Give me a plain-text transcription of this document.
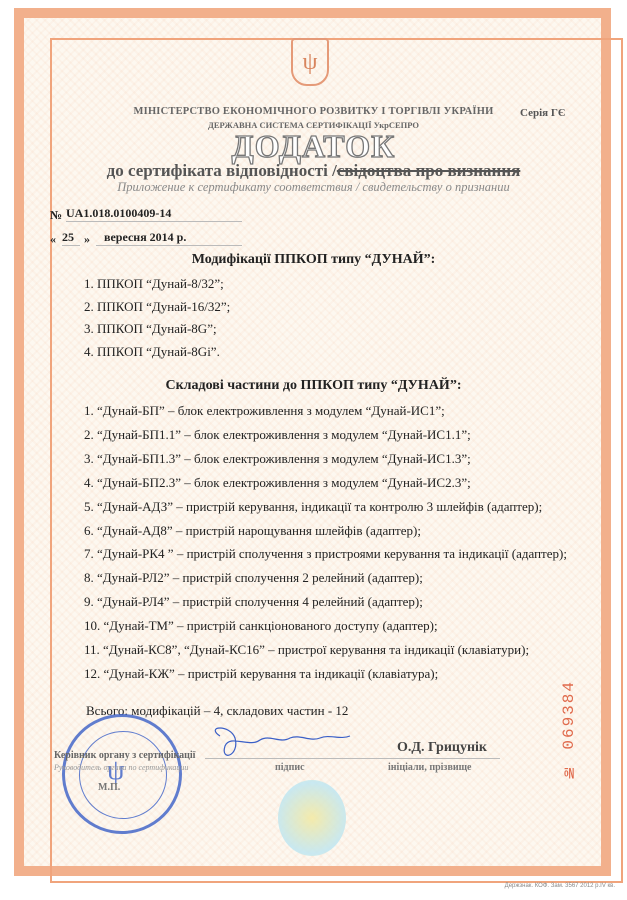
ψ
МІНІСТЕРСТВО ЕКОНОМІЧНОГО РОЗВИТКУ І ТОРГІВЛІ УКРАЇНИ
ДЕРЖАВНА СИСТЕМА СЕРТИФІКАЦІЇ УкрСЕПРО
Серія ГЄ
ДОДАТОК
до сертифіката відповідності /свідоцтва про визнання
Приложение к сертификату соответствия / свидетельству о признании
№ UA1.018.0100409-14
« 25 »	вересня 2014 р.
Модифікації ППКОП типу “ДУНАЙ”:
1. ППКОП “Дунай-8/32”;
2. ППКОП “Дунай-16/32”;
3. ППКОП “Дунай-8G”;
4. ППКОП “Дунай-8Gi”.
Складові частини до ППКОП типу “ДУНАЙ”:
1. “Дунай-БП” – блок електроживлення з модулем “Дунай-ИС1”;
2. “Дунай-БП1.1” – блок електроживлення з модулем “Дунай-ИС1.1”;
3. “Дунай-БП1.3” – блок електроживлення з модулем “Дунай-ИС1.3”;
4. “Дунай-БП2.3” – блок електроживлення з модулем “Дунай-ИС2.3”;
5. “Дунай-АДЗ” – пристрій керування, індикації та контролю 3 шлейфів (адаптер);
6. “Дунай-АД8” – пристрій нарощування шлейфів (адаптер);
7. “Дунай-РК4 ” – пристрій сполучення з пристроями керування та індикації (адаптер);
8. “Дунай-РЛ2” – пристрій сполучення 2 релейний (адаптер);
9. “Дунай-РЛ4” – пристрій сполучення 4 релейний (адаптер);
10. “Дунай-ТМ” – пристрій санкціонованого доступу (адаптер);
11. “Дунай-КС8”, “Дунай-КС16” – пристрої керування та індикації (клавіатури);
12. “Дунай-КЖ” – пристрій керування та індикації (клавіатура);
Всього: модифікацій – 4, складових частин - 12
ψ
Керівник органу з сертифікації
Руководитель органа по сертификации
О.Д. Грицунік
підпис	ініціали, прізвище
М.П.
№ 069384
Держзнак. КОФ. Зам. 3567 2012 р.IV кв.
